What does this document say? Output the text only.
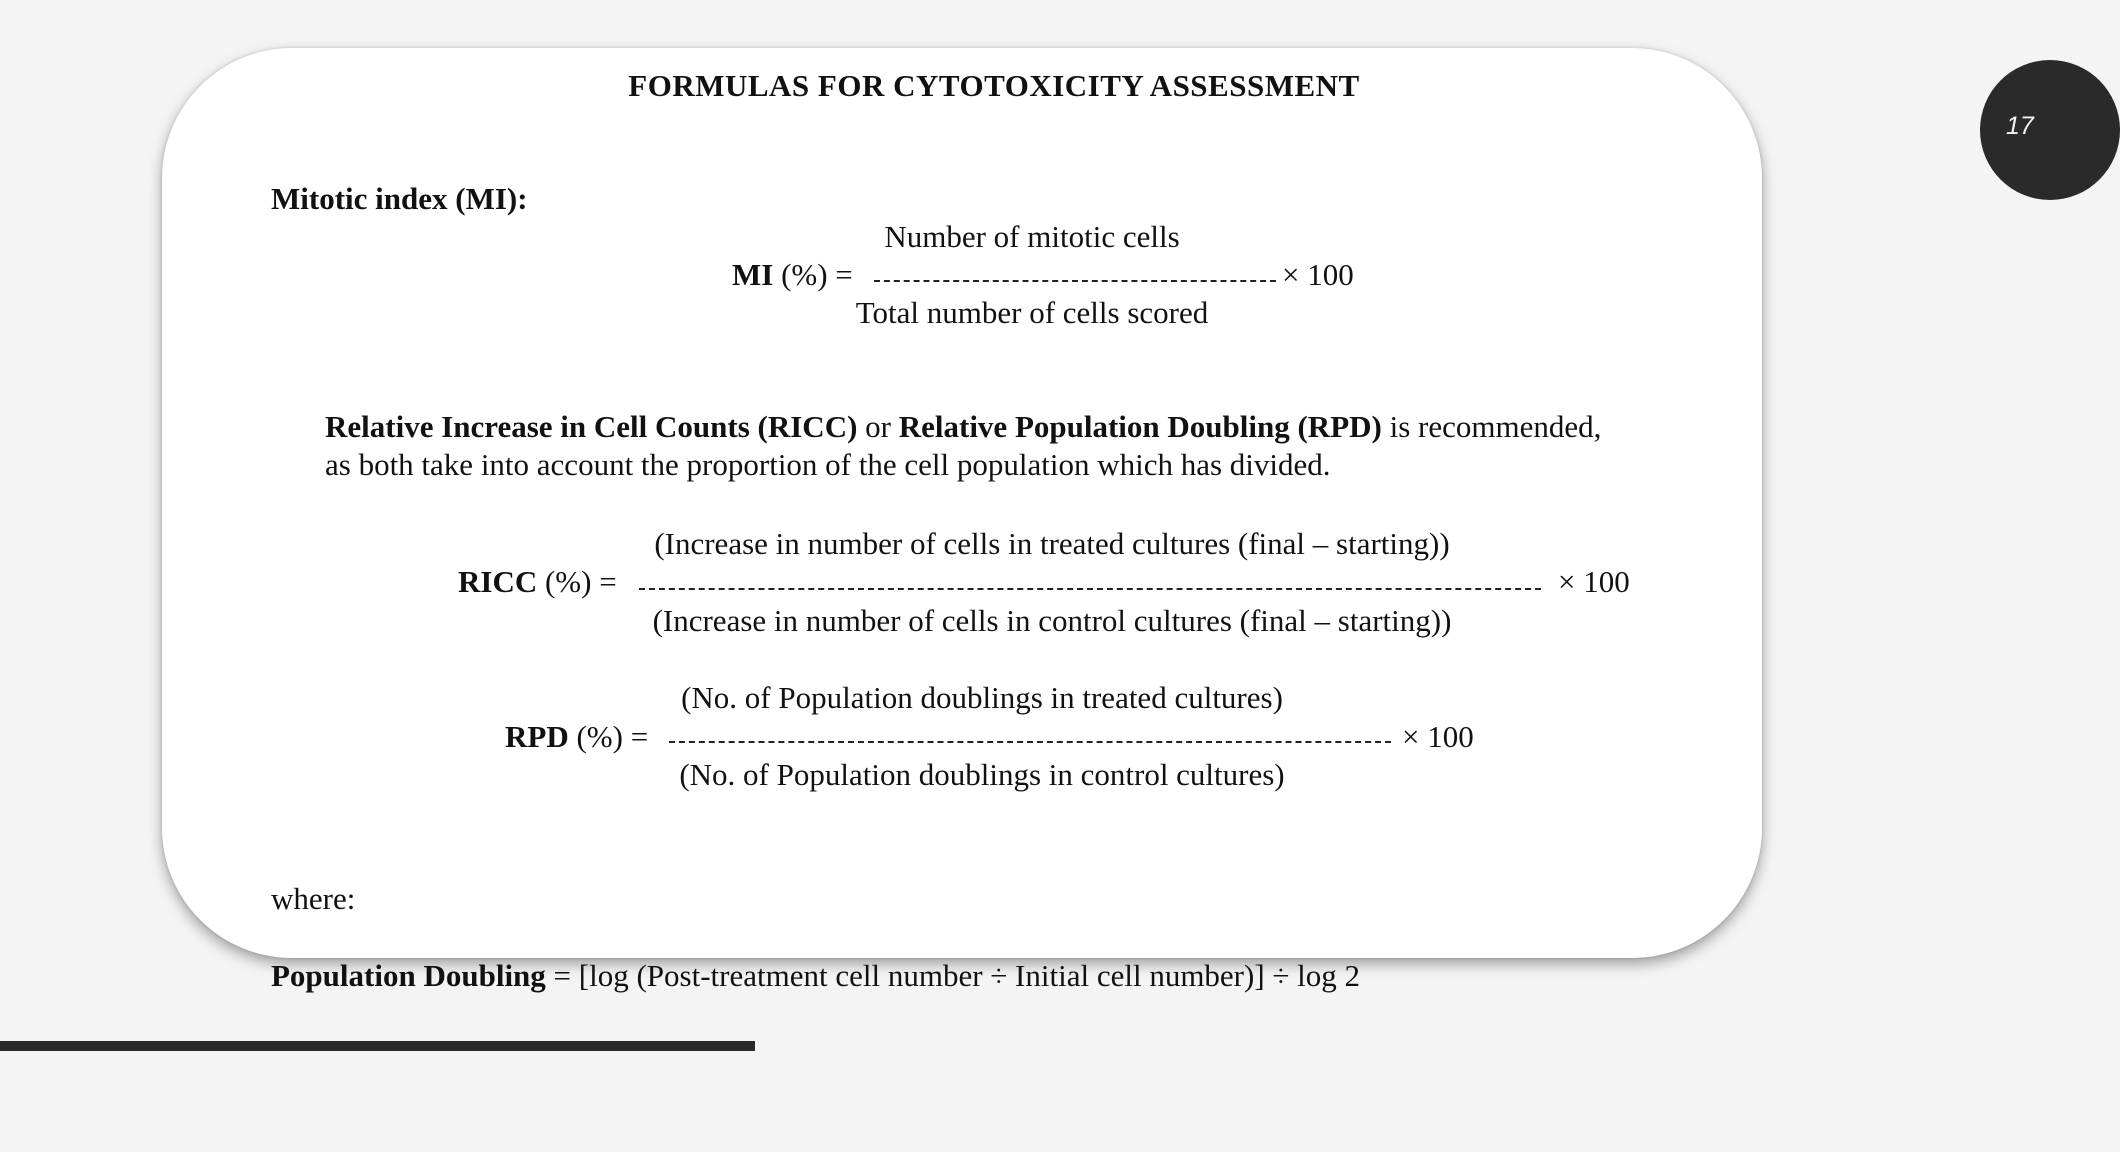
FORMULAS FOR CYTOTOXICITY ASSESSMENT
Mitotic index (MI):
MI (%) =
Number of mitotic cells
Total number of cells scored
× 100
Relative Increase in Cell Counts (RICC) or Relative Population Doubling (RPD) is recommended,
as both take into account the proportion of the cell population which has divided.
RICC (%) =
(Increase in number of cells in treated cultures (final – starting))
(Increase in number of cells in control cultures (final – starting))
× 100
RPD (%) =
(No. of Population doublings in treated cultures)
(No. of Population doublings in control cultures)
× 100
where:
Population Doubling = [log (Post-treatment cell number ÷ Initial cell number)] ÷ log 2
17
